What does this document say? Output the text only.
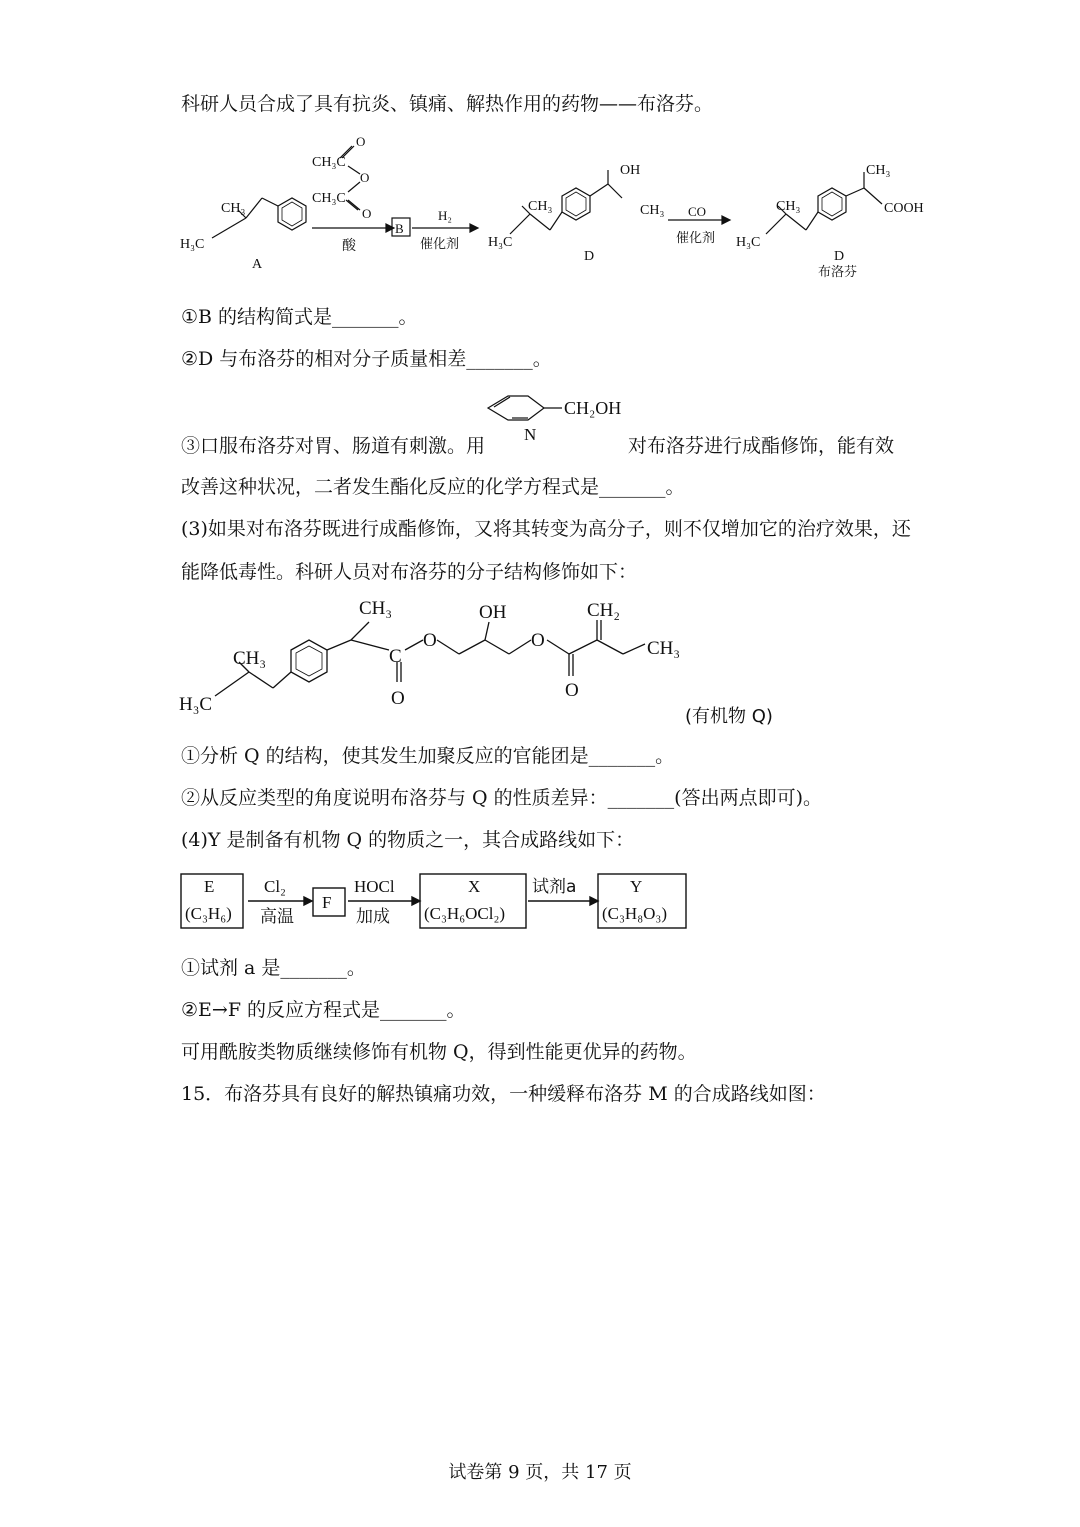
科研人员合成了具有抗炎、镇痛、解热作用的药物——布洛芬。
O
CH₃C
O
CH₃C
O
CH₃
H₃C
A
酸
B
H₂
催化剂
OH
CH₃
CH₃
H₃C
D
CO
催化剂
CH₃
COOH
CH₃
H₃C
D
布洛芬
①B 的结构简式是_______。
②D 与布洛芬的相对分子质量相差_______。
N
CH₂OH
③口服布洛芬对胃、肠道有刺激。用	对布洛芬进行成酯修饰，能有效
改善这种状况，二者发生酯化反应的化学方程式是_______。
(3)如果对布洛芬既进行成酯修饰，又将其转变为高分子，则不仅增加它的治疗效果，还
能降低毒性。科研人员对布洛芬的分子结构修饰如下：
CH₃
CH₃
H₃C
C
O
O
OH
O
O
CH₂
CH₃
(有机物 Q)
①分析 Q 的结构，使其发生加聚反应的官能团是_______。
②从反应类型的角度说明布洛芬与 Q 的性质差异：_______(答出两点即可)。
(4)Y 是制备有机物 Q 的物质之一，其合成路线如下：
E
(C₃H₆)
Cl₂
高温
F
HOCl
加成
X
(C₃H₆OCl₂)
试剂a	Y
(C₃H₈O₃)
①试剂 a 是_______。
②E→F 的反应方程式是_______。
可用酰胺类物质继续修饰有机物 Q，得到性能更优异的药物。
15．布洛芬具有良好的解热镇痛功效，一种缓释布洛芬 M 的合成路线如图：
试卷第 9 页，共 17 页
